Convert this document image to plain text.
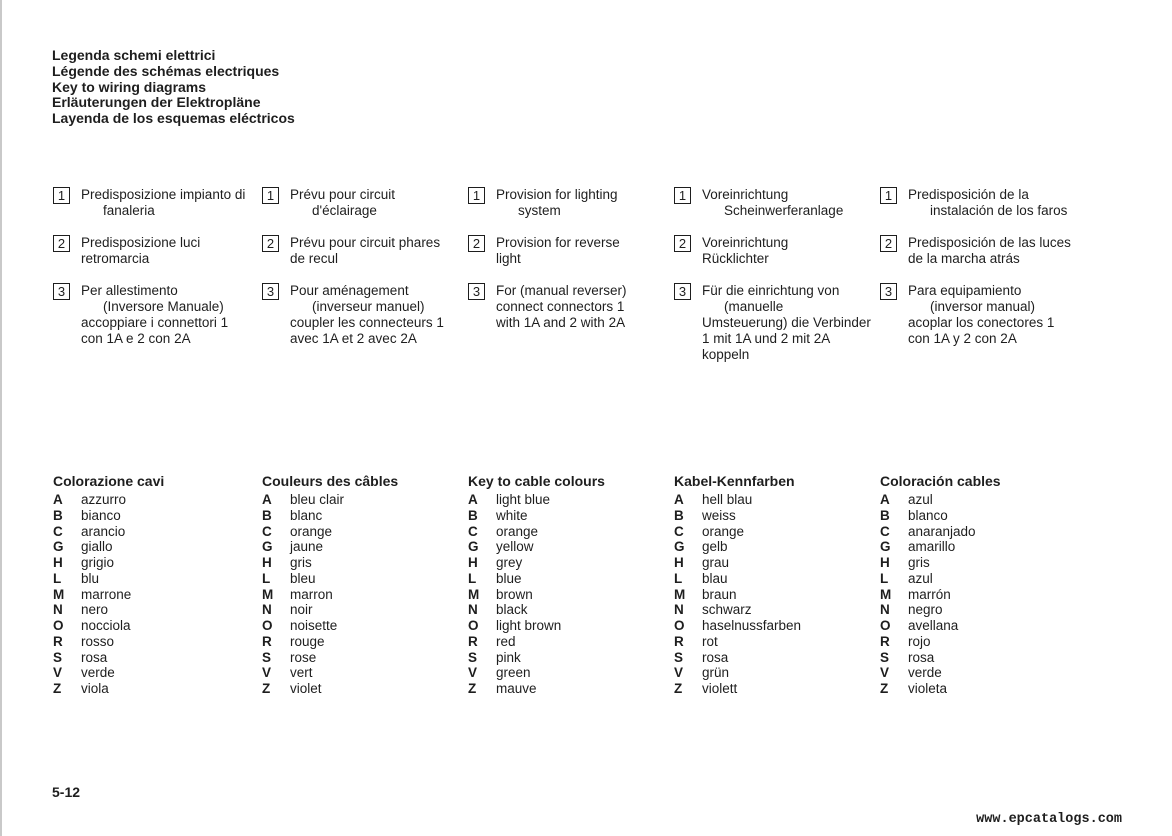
Legenda schemi elettrici
Légende des schémas electriques
Key to wiring diagrams
Erläuterungen der Elektropläne
Layenda de los esquemas eléctricos
1	Predisposizione impianto di
fanaleria
2	Predisposizione luci
retromarcia
3	Per allestimento
(Inversore Manuale)
accoppiare i connettori 1
con 1A e 2 con 2A
1	Prévu pour circuit
d'éclairage
2	Prévu pour circuit phares
de recul
3	Pour aménagement
(inverseur manuel)
coupler les connecteurs 1
avec 1A et 2 avec 2A
1	Provision for lighting
system
2	Provision for reverse
light
3	For (manual reverser)
connect connectors 1
with 1A and 2 with 2A
1	Voreinrichtung
Scheinwerferanlage
2	Voreinrichtung
Rücklichter
3	Für die einrichtung von
(manuelle
Umsteuerung) die Verbinder
1 mit 1A und 2 mit 2A
koppeln
1	Predisposición de la
instalación de los faros
2	Predisposición de las luces
de la marcha atrás
3	Para equipamiento
(inversor manual)
acoplar los conectores 1
con 1A y 2 con 2A
Colorazione cavi
A azzurro
B bianco
C arancio
G giallo
H grigio
L blu
M marrone
N nero
O nocciola
R rosso
S rosa
V verde
Z viola
Couleurs des câbles
A bleu clair
B blanc
C orange
G jaune
H gris
L bleu
M marron
N noir
O noisette
R rouge
S rose
V vert
Z violet
Key to cable colours
A light blue
B white
C orange
G yellow
H grey
L blue
M brown
N black
O light brown
R red
S pink
V green
Z mauve
Kabel-Kennfarben
A hell blau
B weiss
C orange
G gelb
H grau
L blau
M braun
N schwarz
O haselnussfarben
R rot
S rosa
V grün
Z violett
Coloración cables
A azul
B blanco
C anaranjado
G amarillo
H gris
L azul
M marrón
N negro
O avellana
R rojo
S rosa
V verde
Z violeta
5-12
www.epcatalogs.com
